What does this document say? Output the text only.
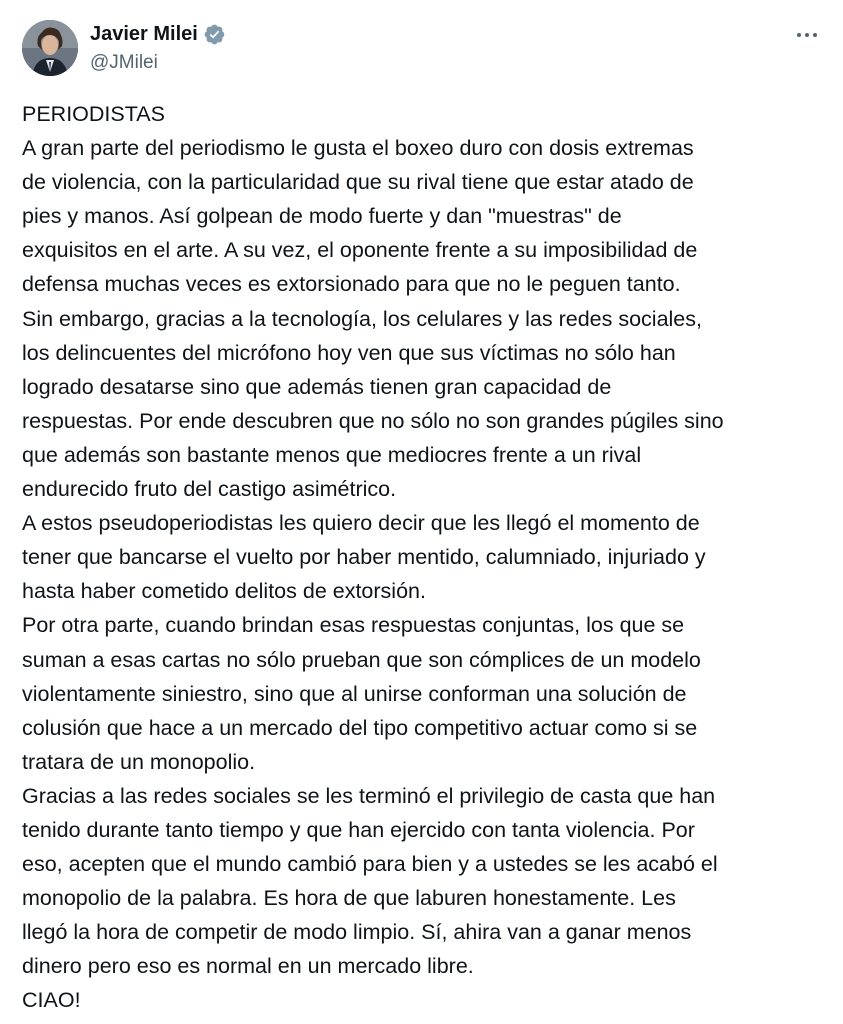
Javier Milei
@JMilei
PERIODISTAS
A gran parte del periodismo le gusta el boxeo duro con dosis extremas
de violencia, con la particularidad que su rival tiene que estar atado de
pies y manos. Así golpean de modo fuerte y dan "muestras" de
exquisitos en el arte. A su vez, el oponente frente a su imposibilidad de
defensa muchas veces es extorsionado para que no le peguen tanto.
Sin embargo, gracias a la tecnología, los celulares y las redes sociales,
los delincuentes del micrófono hoy ven que sus víctimas no sólo han
logrado desatarse sino que además tienen gran capacidad de
respuestas. Por ende descubren que no sólo no son grandes púgiles sino
que además son bastante menos que mediocres frente a un rival
endurecido fruto del castigo asimétrico.
A estos pseudoperiodistas les quiero decir que les llegó el momento de
tener que bancarse el vuelto por haber mentido, calumniado, injuriado y
hasta haber cometido delitos de extorsión.
Por otra parte, cuando brindan esas respuestas conjuntas, los que se
suman a esas cartas no sólo prueban que son cómplices de un modelo
violentamente siniestro, sino que al unirse conforman una solución de
colusión que hace a un mercado del tipo competitivo actuar como si se
tratara de un monopolio.
Gracias a las redes sociales se les terminó el privilegio de casta que han
tenido durante tanto tiempo y que han ejercido con tanta violencia. Por
eso, acepten que el mundo cambió para bien y a ustedes se les acabó el
monopolio de la palabra. Es hora de que laburen honestamente. Les
llegó la hora de competir de modo limpio. Sí, ahira van a ganar menos
dinero pero eso es normal en un mercado libre.
CIAO!
